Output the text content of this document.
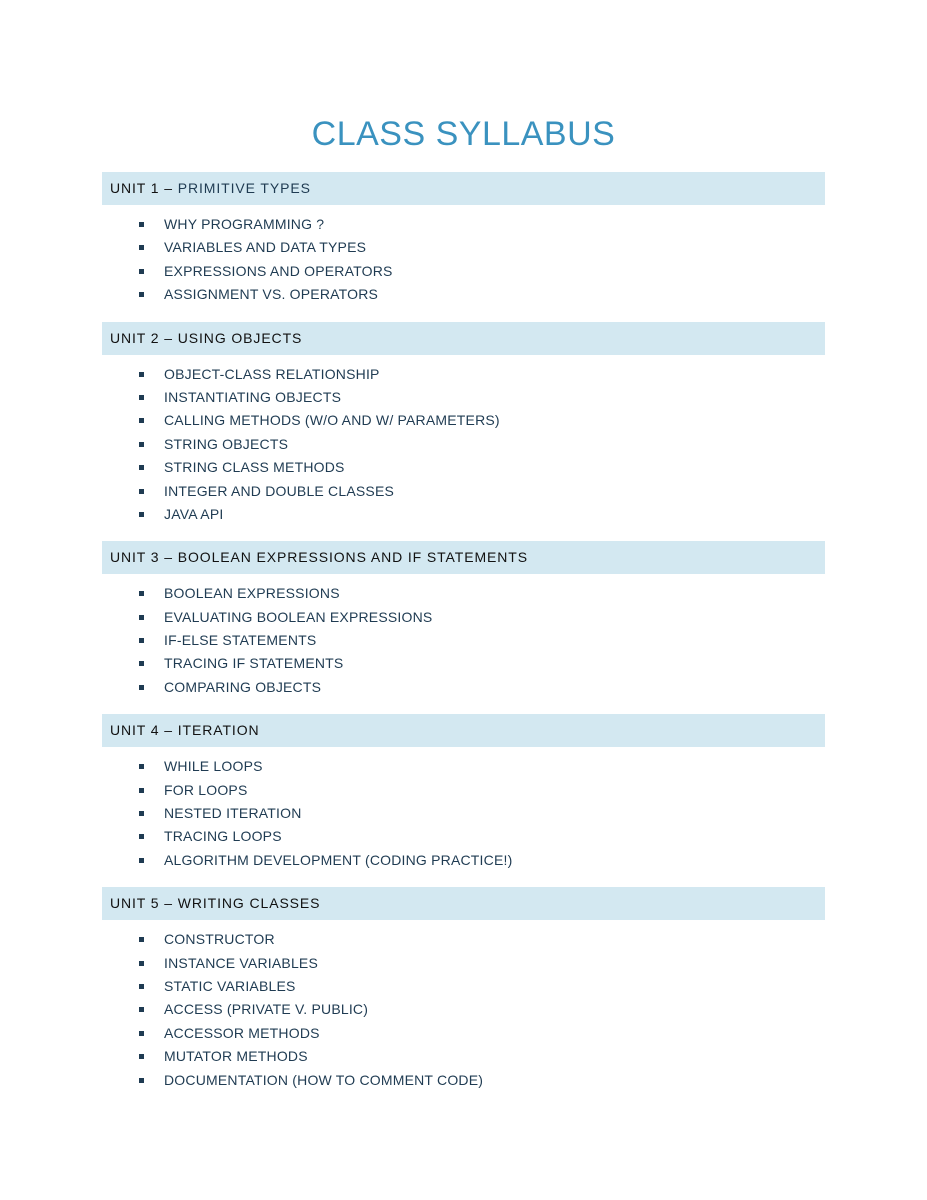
CLASS SYLLABUS
UNIT 1 – PRIMITIVE TYPES
WHY PROGRAMMING ?
VARIABLES AND DATA TYPES
EXPRESSIONS AND OPERATORS
ASSIGNMENT VS. OPERATORS
UNIT 2 – USING OBJECTS
OBJECT-CLASS RELATIONSHIP
INSTANTIATING OBJECTS
CALLING METHODS (W/O AND W/ PARAMETERS)
STRING OBJECTS
STRING CLASS METHODS
INTEGER AND DOUBLE CLASSES
JAVA API
UNIT 3 – BOOLEAN EXPRESSIONS AND IF STATEMENTS
BOOLEAN EXPRESSIONS
EVALUATING BOOLEAN EXPRESSIONS
IF-ELSE STATEMENTS
TRACING IF STATEMENTS
COMPARING OBJECTS
UNIT 4 – ITERATION
WHILE LOOPS
FOR LOOPS
NESTED ITERATION
TRACING LOOPS
ALGORITHM DEVELOPMENT (CODING PRACTICE!)
UNIT 5 – WRITING CLASSES
CONSTRUCTOR
INSTANCE VARIABLES
STATIC VARIABLES
ACCESS (PRIVATE V. PUBLIC)
ACCESSOR METHODS
MUTATOR METHODS
DOCUMENTATION (HOW TO COMMENT CODE)
